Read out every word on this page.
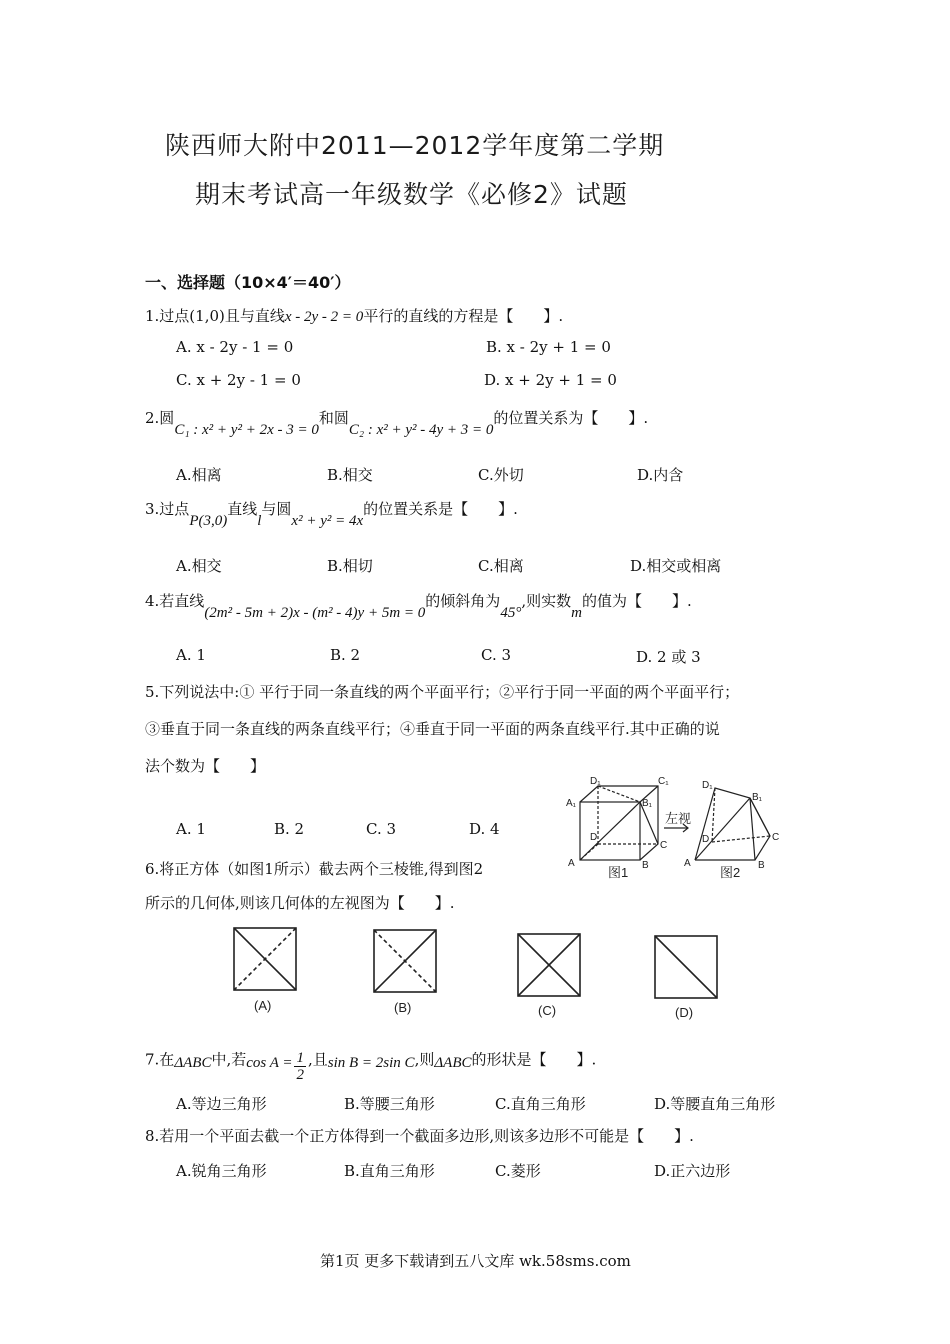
陕西师大附中2011—2012学年度第二学期
期末考试高一年级数学《必修2》试题
一、选择题（10×4′＝40′）
1.过点(1,0)且与直线x - 2y - 2 = 0平行的直线的方程是【　　】.
A. x - 2y - 1 = 0	B. x - 2y + 1 = 0
C. x + 2y - 1 = 0	D. x + 2y + 1 = 0
2.圆C₁ : x² + y² + 2x - 3 = 0和圆C₂ : x² + y² - 4y + 3 = 0的位置关系为【　　】.
A.相离	B.相交	C.外切	D.内含
3.过点P(3,0)直线l与圆x² + y² = 4x的位置关系是【　　】.
A.相交	B.相切	C.相离	D.相交或相离
4.若直线(2m² - 5m + 2)x - (m² - 4)y + 5m = 0的倾斜角为45°,则实数m的值为【　　】.
A. 1	B. 2	C. 3	D. 2 或 3
5.下列说法中:① 平行于同一条直线的两个平面平行；②平行于同一平面的两个平面平行；
③垂直于同一条直线的两条直线平行；④垂直于同一平面的两条直线平行.其中正确的说
法个数为【　　】
A. 1	B. 2	C. 3	D. 4
D₁	C₁
A₁	B₁
D
C
A	B
D₁
B₁
D	C
A	B
左视
图1	图2
6.将正方体（如图1所示）截去两个三棱锥,得到图2
所示的几何体,则该几何体的左视图为【　　】.
(A)	(B)	(C)	(D)
7.在ΔABC中,若$\cos A = \frac{1}{2}$ ,且sin B = 2sin C,则ΔABC的形状是【　　】.
A.等边三角形	B.等腰三角形	C.直角三角形	D.等腰直角三角形
8.若用一个平面去截一个正方体得到一个截面多边形,则该多边形不可能是【　　】.
A.锐角三角形	B.直角三角形	C.菱形	D.正六边形
第1页 更多下载请到五八文库 wk.58sms.com
